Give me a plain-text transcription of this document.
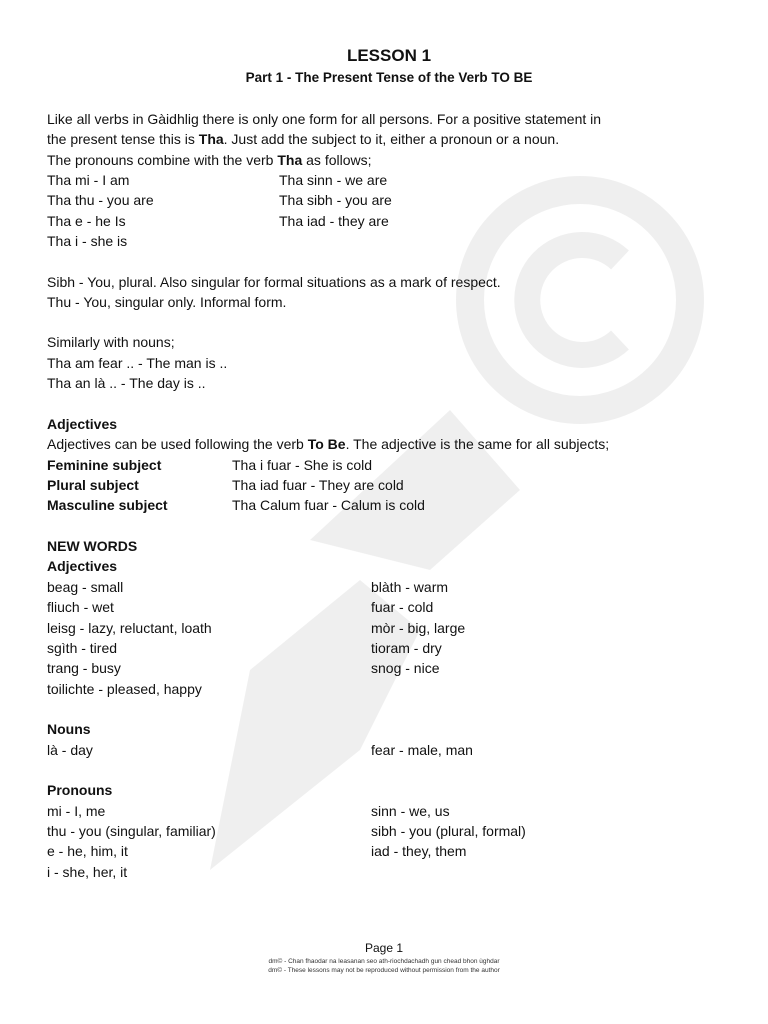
LESSON 1
Part 1 - The Present Tense of the Verb TO BE
Like all verbs in Gàidhlig there is only one form for all persons. For a positive statement in
the present tense this is Tha. Just add the subject to it, either a pronoun or a noun.
The pronouns combine with the verb Tha as follows;
Tha mi - I am
Tha thu - you are
Tha e - he Is
Tha i - she is
Tha sinn - we are
Tha sibh - you are
Tha iad - they are
Sibh - You, plural. Also singular for formal situations as a mark of respect.
Thu - You, singular only. Informal form.
Similarly with nouns;
Tha am fear .. - The man is ..
Tha an là .. - The day is ..
Adjectives
Adjectives can be used following the verb To Be. The adjective is the same for all subjects;
Feminine subject
Plural subject
Masculine subject
Tha i fuar - She is cold
Tha iad fuar - They are cold
Tha Calum fuar - Calum is cold
NEW WORDS
Adjectives
beag - small
fliuch - wet
leisg - lazy, reluctant, loath
sgìth - tired
trang - busy
toilichte - pleased, happy
blàth - warm
fuar - cold
mòr - big, large
tioram - dry
snog - nice
Nouns
là - day	fear - male, man
Pronouns
mi - I, me
thu - you (singular, familiar)
e - he, him, it
i - she, her, it
sinn - we, us
sibh - you (plural, formal)
iad - they, them
Page 1
dm© - Chan fhaodar na leasanan seo ath-riochdachadh gun chead bhon ùghdar
dm© - These lessons may not be reproduced without permission from the author
